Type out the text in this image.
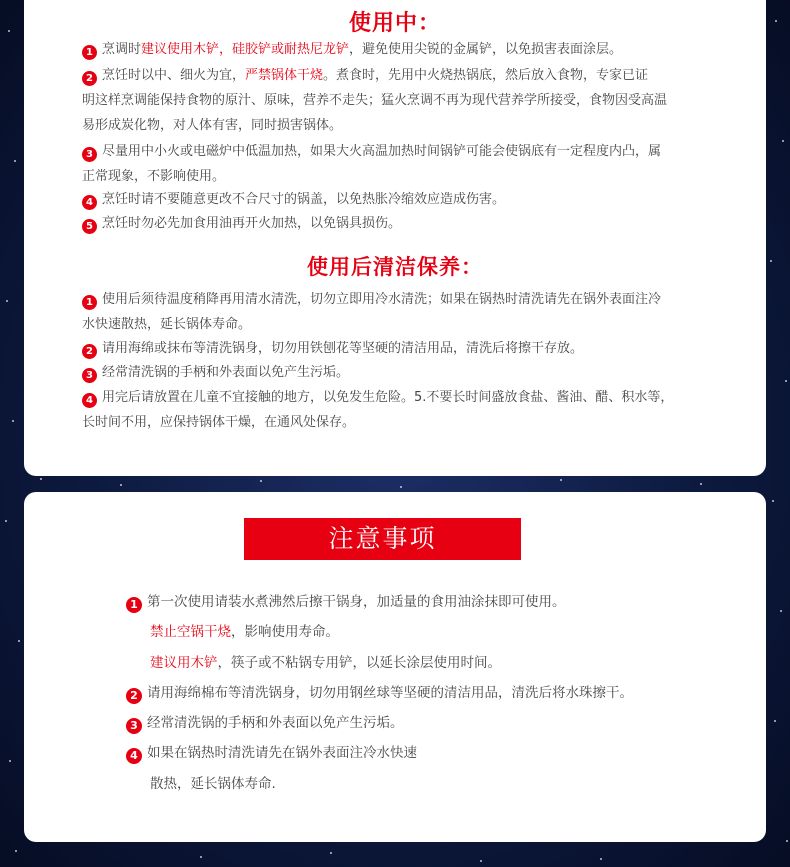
使用中：
1 烹调时建议使用木铲，硅胶铲或耐热尼龙铲，避免使用尖锐的金属铲，以免损害表面涂层。
2 烹饪时以中、细火为宜，严禁锅体干烧。煮食时，先用中火烧热锅底，然后放入食物，专家已证
明这样烹调能保持食物的原汁、原味，营养不走失；猛火烹调不再为现代营养学所接受，食物因受高温
易形成炭化物，对人体有害，同时损害锅体。
3 尽量用中小火或电磁炉中低温加热，如果大火高温加热时间锅铲可能会使锅底有一定程度内凸，属
正常现象，不影响使用。
4 烹饪时请不要随意更改不合尺寸的锅盖，以免热胀冷缩效应造成伤害。
5 烹饪时勿必先加食用油再开火加热，以免锅具损伤。
使用后清洁保养：
1 使用后须待温度稍降再用清水清洗，切勿立即用冷水清洗；如果在锅热时清洗请先在锅外表面注冷
水快速散热，延长锅体寿命。
2 请用海绵或抹布等清洗锅身，切勿用铁刨花等坚硬的清洁用品，清洗后将擦干存放。
3 经常清洗锅的手柄和外表面以免产生污垢。
4 用完后请放置在儿童不宜接触的地方，以免发生危险。5.不要长时间盛放食盐、酱油、醋、积水等，
长时间不用，应保持锅体干燥，在通风处保存。
注意事项
1 第一次使用请装水煮沸然后擦干锅身，加适量的食用油涂抹即可使用。
禁止空锅干烧，影响使用寿命。
建议用木铲，筷子或不粘锅专用铲，以延长涂层使用时间。
2 请用海绵棉布等清洗锅身，切勿用钢丝球等坚硬的清洁用品，清洗后将水珠擦干。
3 经常清洗锅的手柄和外表面以免产生污垢。
4 如果在锅热时清洗请先在锅外表面注冷水快速
散热，延长锅体寿命.
